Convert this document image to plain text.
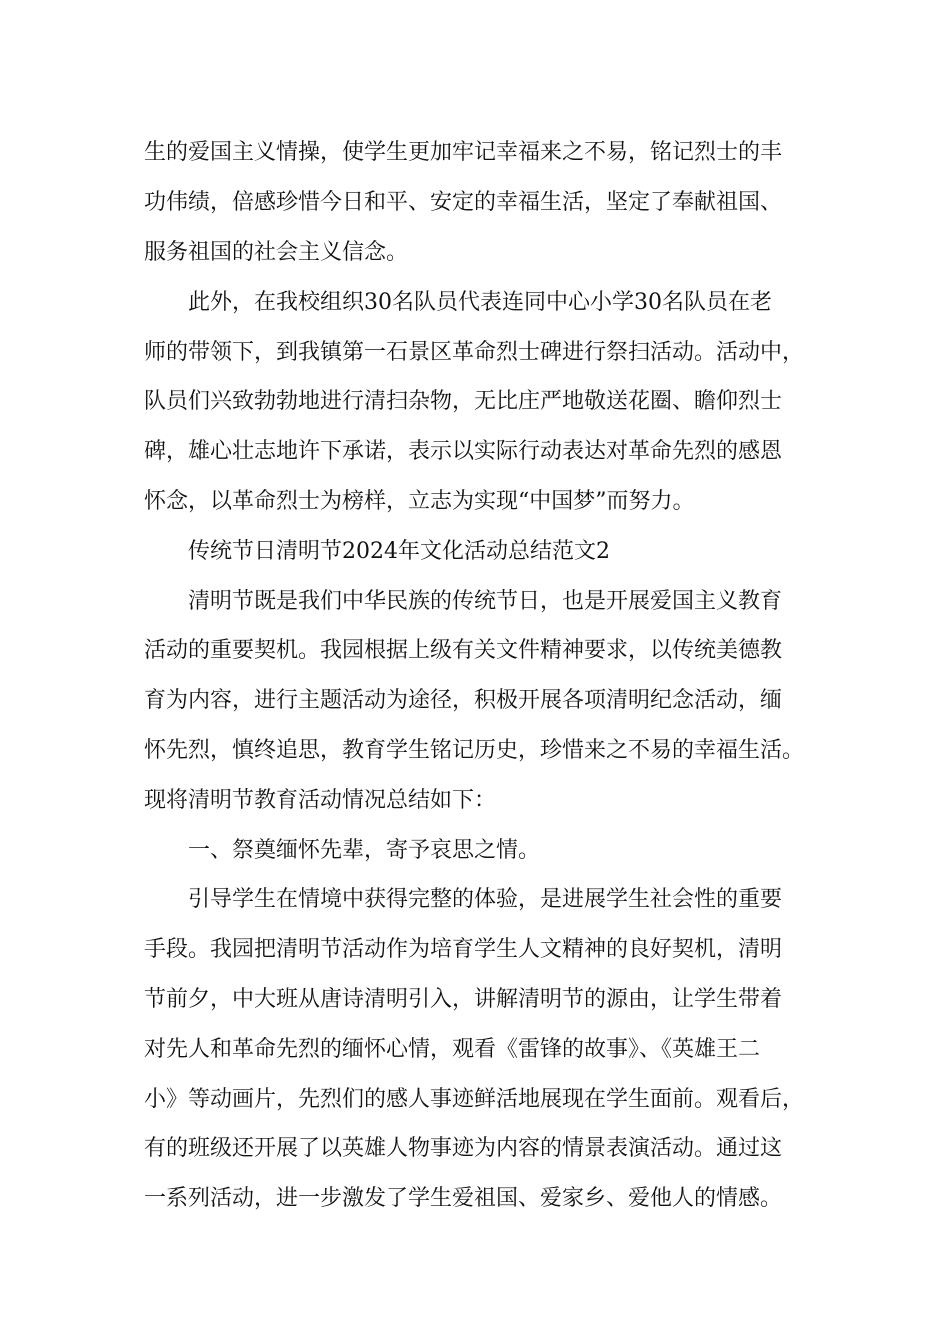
生的爱国主义情操，使学生更加牢记幸福来之不易，铭记烈士的丰

功伟绩，倍感珍惜今日和平、安定的幸福生活，坚定了奉献祖国、

服务祖国的社会主义信念。

　　此外，在我校组织30名队员代表连同中心小学30名队员在老

师的带领下，到我镇第一石景区革命烈士碑进行祭扫活动。活动中，

队员们兴致勃勃地进行清扫杂物，无比庄严地敬送花圈、瞻仰烈士

碑，雄心壮志地许下承诺，表示以实际行动表达对革命先烈的感恩

怀念，以革命烈士为榜样，立志为实现“中国梦”而努力。

　　传统节日清明节2024年文化活动总结范文2

　　清明节既是我们中华民族的传统节日，也是开展爱国主义教育

活动的重要契机。我园根据上级有关文件精神要求，以传统美德教

育为内容，进行主题活动为途径，积极开展各项清明纪念活动，缅

怀先烈，慎终追思，教育学生铭记历史，珍惜来之不易的幸福生活。

现将清明节教育活动情况总结如下：

　　一、祭奠缅怀先辈，寄予哀思之情。

　　引导学生在情境中获得完整的体验，是进展学生社会性的重要

手段。我园把清明节活动作为培育学生人文精神的良好契机，清明

节前夕，中大班从唐诗清明引入，讲解清明节的源由，让学生带着

对先人和革命先烈的缅怀心情，观看《雷锋的故事》、《英雄王二

小》等动画片，先烈们的感人事迹鲜活地展现在学生面前。观看后，

有的班级还开展了以英雄人物事迹为内容的情景表演活动。通过这

一系列活动，进一步激发了学生爱祖国、爱家乡、爱他人的情感。
